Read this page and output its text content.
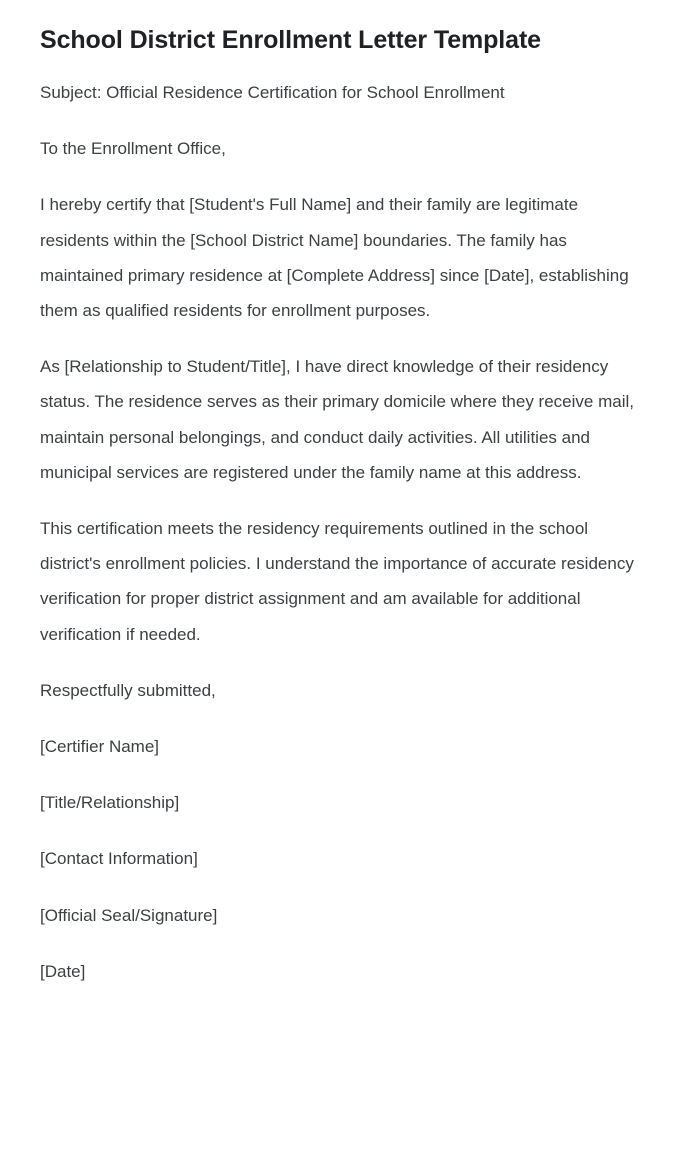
School District Enrollment Letter Template

Subject: Official Residence Certification for School Enrollment

To the Enrollment Office,

I hereby certify that [Student's Full Name] and their family are legitimate residents within the [School District Name] boundaries. The family has maintained primary residence at [Complete Address] since [Date], establishing them as qualified residents for enrollment purposes.

As [Relationship to Student/Title], I have direct knowledge of their residency status. The residence serves as their primary domicile where they receive mail, maintain personal belongings, and conduct daily activities. All utilities and municipal services are registered under the family name at this address.

This certification meets the residency requirements outlined in the school district's enrollment policies. I understand the importance of accurate residency verification for proper district assignment and am available for additional verification if needed.

Respectfully submitted,

[Certifier Name]

[Title/Relationship]

[Contact Information]

[Official Seal/Signature]

[Date]
